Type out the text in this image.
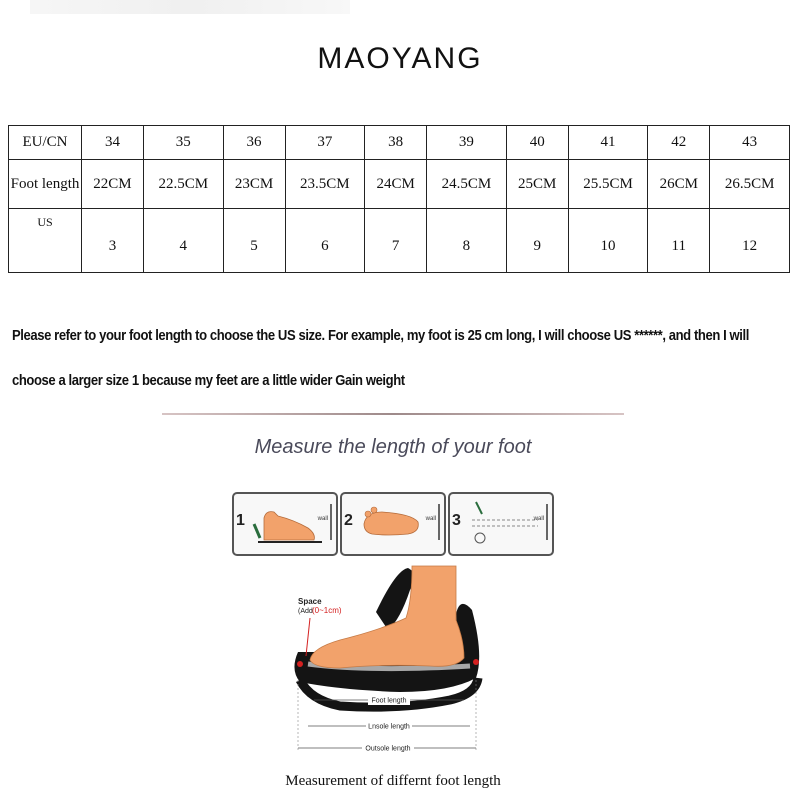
MAOYANG
EU/CN	34	35	36	37	38	39	40	41	42	43
Foot length	22CM	22.5CM	23CM	23.5CM	24CM	24.5CM	25CM	25.5CM	26CM	26.5CM
US	3	4	5	6	7	8	9	10	11	12
Please refer to your foot length to choose the US size. For example, my foot is 25 cm long, I will choose US ******, and then I will
choose a larger size 1 because my feet are a little wider Gain weight
Measure the length of your foot
1	wall 2	wall 3	wall
Space
(Add (0~1cm)
Foot length
Lnsole length
Outsole length
Measurement of differnt foot length
